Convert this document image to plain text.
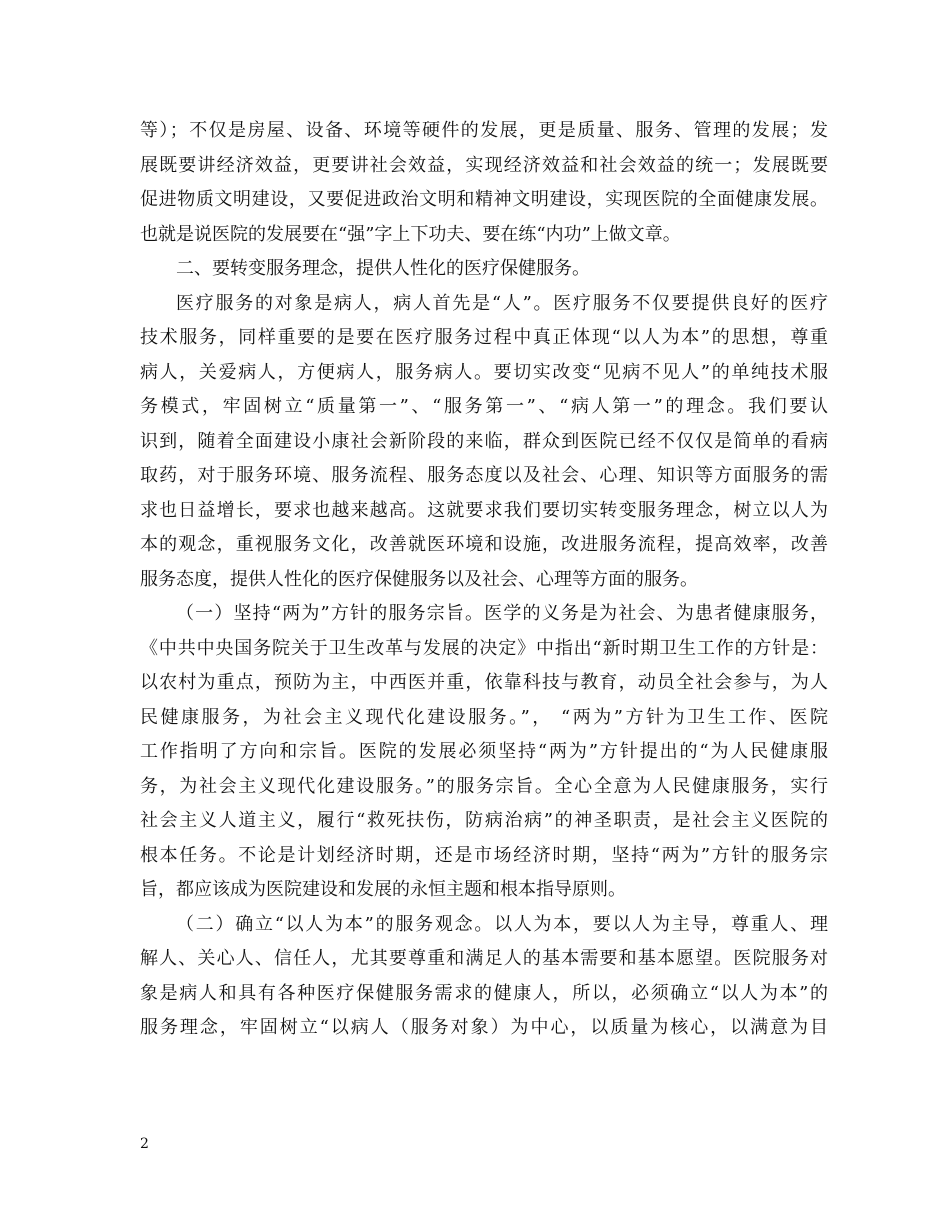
等）；不仅是房屋、设备、环境等硬件的发展，更是质量、服务、管理的发展；发
展既要讲经济效益，更要讲社会效益，实现经济效益和社会效益的统一；发展既要
促进物质文明建设，又要促进政治文明和精神文明建设，实现医院的全面健康发展。
也就是说医院的发展要在“强”字上下功夫、要在练“内功”上做文章。
二、要转变服务理念，提供人性化的医疗保健服务。
医疗服务的对象是病人，病人首先是“人”。医疗服务不仅要提供良好的医疗
技术服务，同样重要的是要在医疗服务过程中真正体现“以人为本”的思想，尊重
病人，关爱病人，方便病人，服务病人。要切实改变“见病不见人”的单纯技术服
务模式，牢固树立“质量第一”、“服务第一”、“病人第一”的理念。我们要认
识到，随着全面建设小康社会新阶段的来临，群众到医院已经不仅仅是简单的看病
取药，对于服务环境、服务流程、服务态度以及社会、心理、知识等方面服务的需
求也日益增长，要求也越来越高。这就要求我们要切实转变服务理念，树立以人为
本的观念，重视服务文化，改善就医环境和设施，改进服务流程，提高效率，改善
服务态度，提供人性化的医疗保健服务以及社会、心理等方面的服务。
（一）坚持“两为”方针的服务宗旨。医学的义务是为社会、为患者健康服务，
《中共中央国务院关于卫生改革与发展的决定》中指出“新时期卫生工作的方针是：
以农村为重点，预防为主，中西医并重，依靠科技与教育，动员全社会参与，为人
民健康服务，为社会主义现代化建设服务。”， “两为”方针为卫生工作、医院
工作指明了方向和宗旨。医院的发展必须坚持“两为”方针提出的“为人民健康服
务，为社会主义现代化建设服务。”的服务宗旨。全心全意为人民健康服务，实行
社会主义人道主义，履行“救死扶伤，防病治病”的神圣职责，是社会主义医院的
根本任务。不论是计划经济时期，还是市场经济时期，坚持“两为”方针的服务宗
旨，都应该成为医院建设和发展的永恒主题和根本指导原则。
（二）确立“以人为本”的服务观念。以人为本，要以人为主导，尊重人、理
解人、关心人、信任人，尤其要尊重和满足人的基本需要和基本愿望。医院服务对
象是病人和具有各种医疗保健服务需求的健康人，所以，必须确立“以人为本”的
服务理念，牢固树立“以病人（服务对象）为中心，以质量为核心，以满意为目
2
